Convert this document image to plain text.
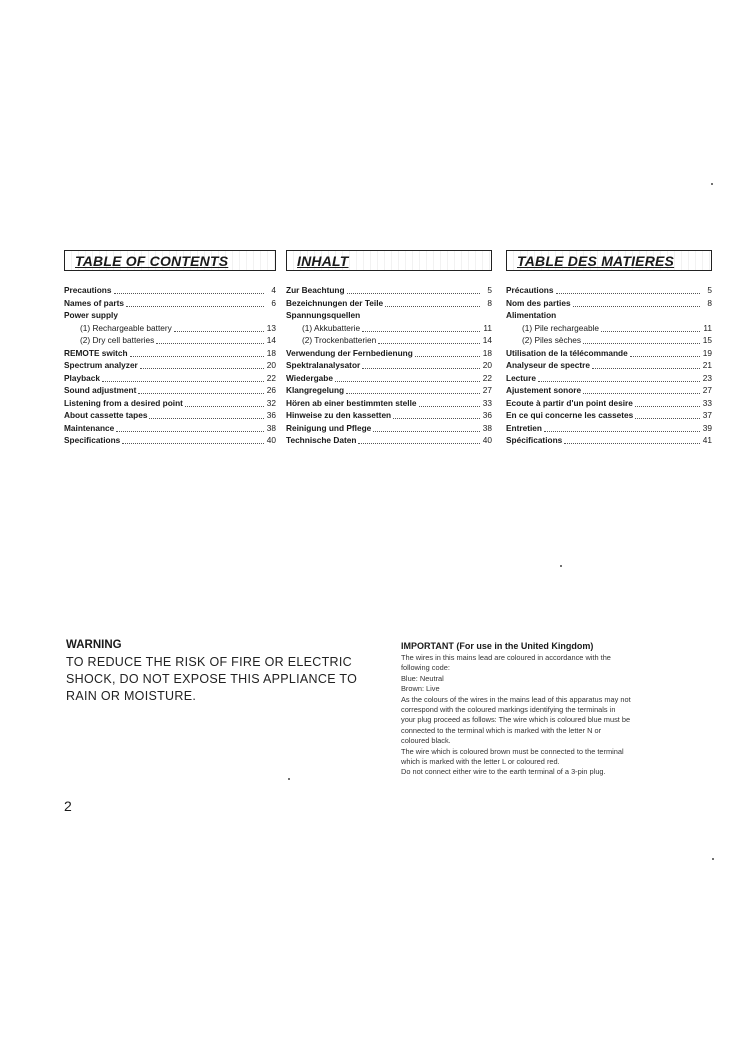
TABLE OF CONTENTS
Precautions	4
Names of parts	6
Power supply
(1) Rechargeable battery	13
(2) Dry cell batteries	14
REMOTE switch	18
Spectrum analyzer	20
Playback	22
Sound adjustment	26
Listening from a desired point	32
About cassette tapes	36
Maintenance	38
Specifications	40
INHALT
Zur Beachtung	5
Bezeichnungen der Teile	8
Spannungsquellen
(1) Akkubatterie	11
(2) Trockenbatterien	14
Verwendung der Fernbedienung	18
Spektralanalysator	20
Wiedergabe	22
Klangregelung	27
Hören ab einer bestimmten stelle	33
Hinweise zu den kassetten	36
Reinigung und Pflege	38
Technische Daten	40
TABLE DES MATIERES
Précautions	5
Nom des parties	8
Alimentation
(1) Pile rechargeable	11
(2) Piles sèches	15
Utilisation de la télécommande	19
Analyseur de spectre	21
Lecture	23
Ajustement sonore	27
Ecoute à partir d'un point desire	33
En ce qui concerne les cassetes	37
Entretien	39
Spécifications	41
WARNING
TO REDUCE THE RISK OF FIRE OR ELECTRIC SHOCK, DO NOT EXPOSE THIS APPLIANCE TO RAIN OR MOISTURE.
IMPORTANT (For use in the United Kingdom)
The wires in this mains lead are coloured in accordance with the
following code:
Blue: Neutral
Brown: Live
As the colours of the wires in the mains lead of this apparatus may not
correspond with the coloured markings identifying the terminals in
your plug proceed as follows: The wire which is coloured blue must be
connected to the terminal which is marked with the letter N or
coloured black.
The wire which is coloured brown must be connected to the terminal
which is marked with the letter L or coloured red.
Do not connect either wire to the earth terminal of a 3-pin plug.
2
